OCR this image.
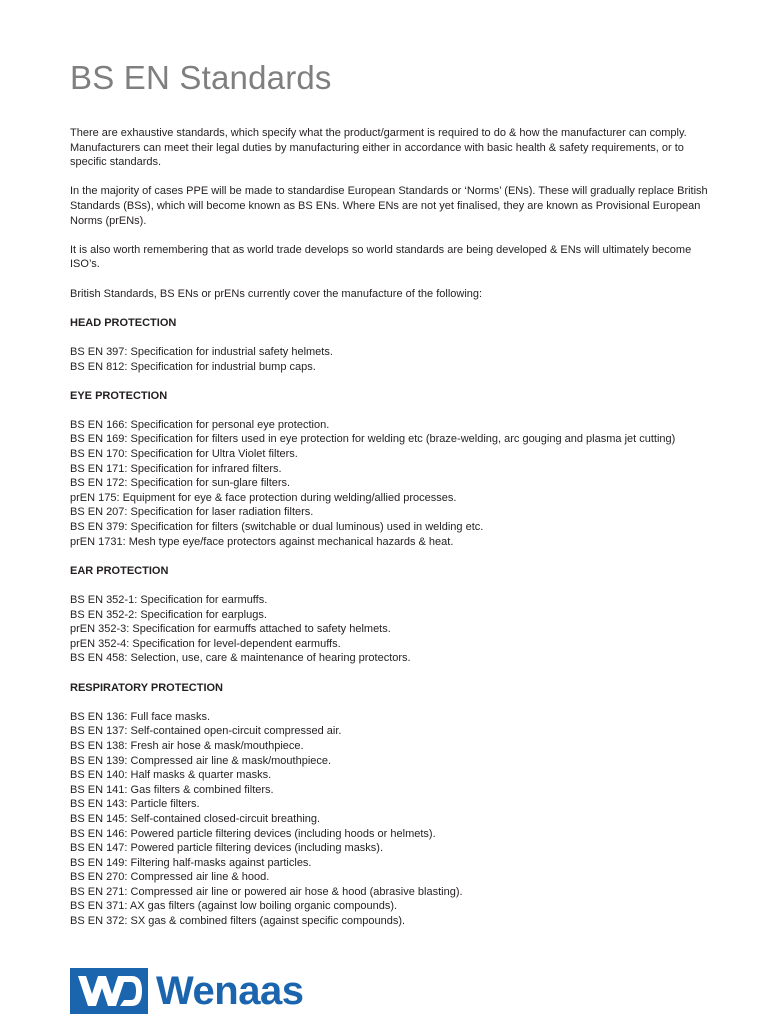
BS EN Standards

There are exhaustive standards, which specify what the product/garment is required to do & how the manufacturer can comply. Manufacturers can meet their legal duties by manufacturing either in accordance with basic health & safety requirements, or to specific standards.

In the majority of cases PPE will be made to standardise European Standards or ‘Norms’ (ENs). These will gradually replace British Standards (BSs), which will become known as BS ENs. Where ENs are not yet finalised, they are known as Provisional European Norms (prENs).

It is also worth remembering that as world trade develops so world standards are being developed & ENs will ultimately become ISO’s.

British Standards, BS ENs or prENs currently cover the manufacture of the following:

HEAD PROTECTION
BS EN 397: Specification for industrial safety helmets.
BS EN 812: Specification for industrial bump caps.
EYE PROTECTION
BS EN 166: Specification for personal eye protection.
BS EN 169: Specification for filters used in eye protection for welding etc (braze-welding, arc gouging and plasma jet cutting)
BS EN 170: Specification for Ultra Violet filters.
BS EN 171: Specification for infrared filters.
BS EN 172: Specification for sun-glare filters.
prEN 175: Equipment for eye & face protection during welding/allied processes.
BS EN 207: Specification for laser radiation filters.
BS EN 379: Specification for filters (switchable or dual luminous) used in welding etc.
prEN 1731: Mesh type eye/face protectors against mechanical hazards & heat.
EAR PROTECTION
BS EN 352-1: Specification for earmuffs.
BS EN 352-2: Specification for earplugs.
prEN 352-3: Specification for earmuffs attached to safety helmets.
prEN 352-4: Specification for level-dependent earmuffs.
BS EN 458: Selection, use, care & maintenance of hearing protectors.
RESPIRATORY PROTECTION
BS EN 136: Full face masks.
BS EN 137: Self-contained open-circuit compressed air.
BS EN 138: Fresh air hose & mask/mouthpiece.
BS EN 139: Compressed air line & mask/mouthpiece.
BS EN 140: Half masks & quarter masks.
BS EN 141: Gas filters & combined filters.
BS EN 143: Particle filters.
BS EN 145: Self-contained closed-circuit breathing.
BS EN 146: Powered particle filtering devices (including hoods or helmets).
BS EN 147: Powered particle filtering devices (including masks).
BS EN 149: Filtering half-masks against particles.
BS EN 270: Compressed air line & hood.
BS EN 271: Compressed air line or powered air hose & hood (abrasive blasting).
BS EN 371: AX gas filters (against low boiling organic compounds).
BS EN 372: SX gas & combined filters (against specific compounds).
Wenaas
